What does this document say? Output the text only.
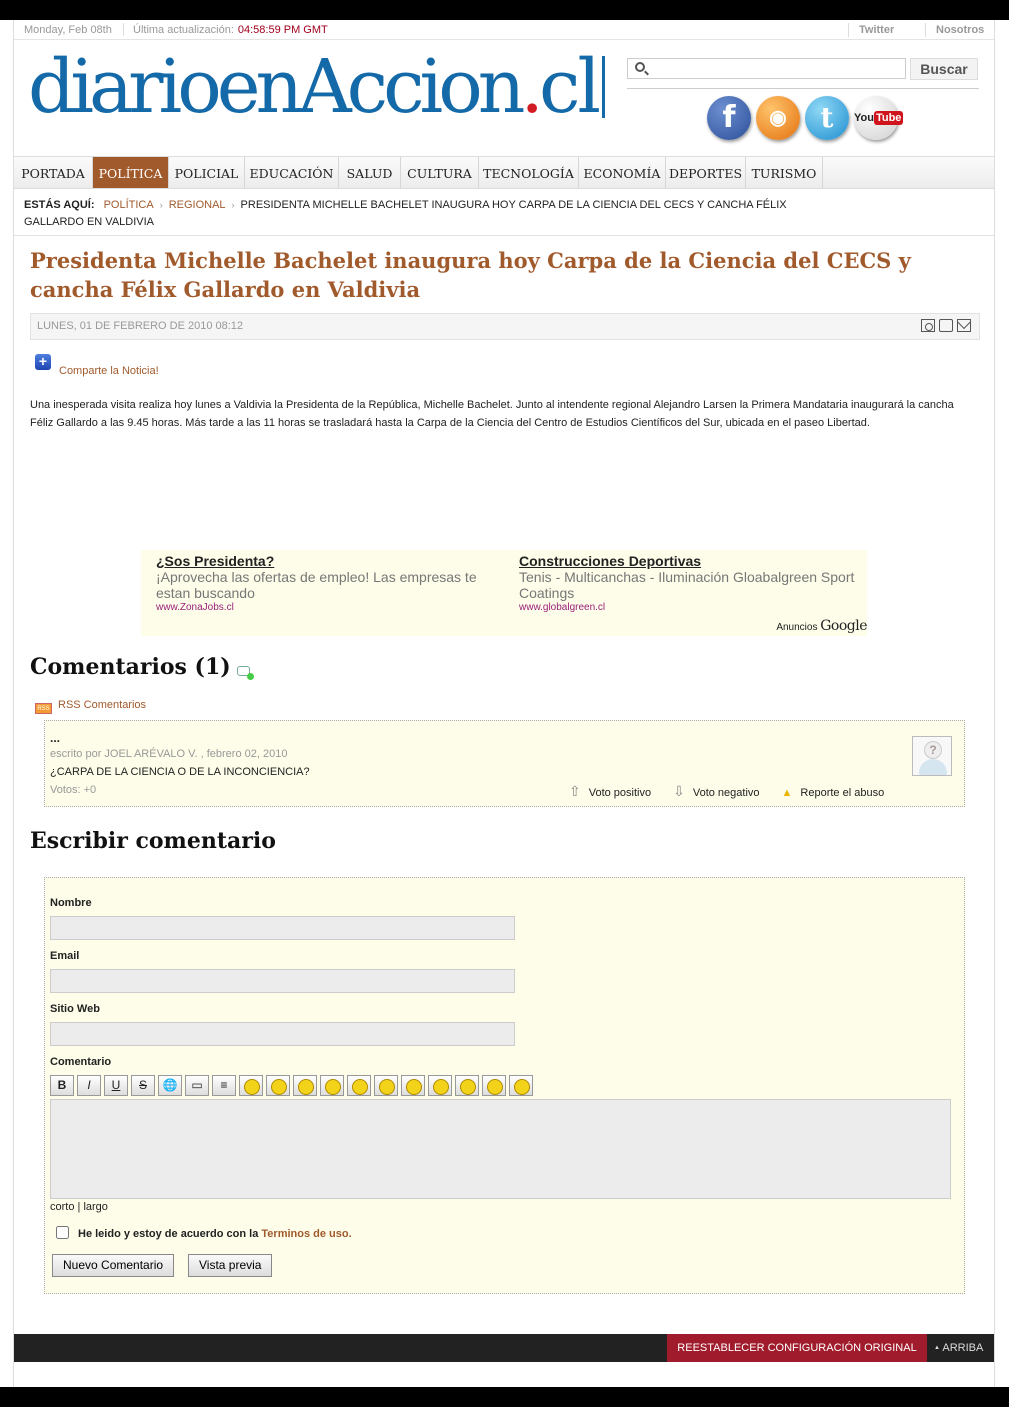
Monday, Feb 08th Última actualización: 04:58:59 PM GMT	Twitter	Nosotros
diarioenAccion.cl	Buscar
f	◉	t	You Tube
PORTADA	POLÍTICA POLICIAL EDUCACIÓN	SALUD	CULTURA TECNOLOGÍA ECONOMÍA DEPORTES TURISMO
ESTÁS AQUÍ: POLÍTICA › REGIONAL › PRESIDENTA MICHELLE BACHELET INAUGURA HOY CARPA DE LA CIENCIA DEL CECS Y CANCHA FÉLIX GALLARDO EN VALDIVIA
Presidenta Michelle Bachelet inaugura hoy Carpa de la Ciencia del CECS y cancha Félix Gallardo en Valdivia
LUNES, 01 DE FEBRERO DE 2010 08:12
+
Comparte la Noticia!

Una inesperada visita realiza hoy lunes a Valdivia la Presidenta de la República, Michelle Bachelet. Junto al intendente regional Alejandro Larsen la Primera Mandataria inaugurará la cancha Féliz Gallardo a las 9.45 horas. Más tarde a las 11 horas se trasladará hasta la Carpa de la Ciencia del Centro de Estudios Científicos del Sur, ubicada en el paseo Libertad.

¿Sos Presidenta?
¡Aprovecha las ofertas de empleo! Las empresas te estan buscando
www.ZonaJobs.cl
Construcciones Deportivas
Tenis - Multicanchas - Iluminación Gloabalgreen Sport Coatings
www.globalgreen.cl
Anuncios Google
Comentarios (1)
RSS RSS Comentarios
...
escrito por JOEL ARÉVALO V. , febrero 02, 2010
¿CARPA DE LA CIENCIA O DE LA INCONCIENCIA?
Votos: +0
?
⇧ Voto positivo ⇩ Voto negativo ▲ Reporte el abuso
Escribir comentario
Nombre
Email
Sitio Web
Comentario
B I U S 🌐 ▭ ≡
corto | largo
He leido y estoy de acuerdo con la Terminos de uso.
Nuevo Comentario	Vista previa
REESTABLECER CONFIGURACIÓN ORIGINAL	▲ ARRIBA
